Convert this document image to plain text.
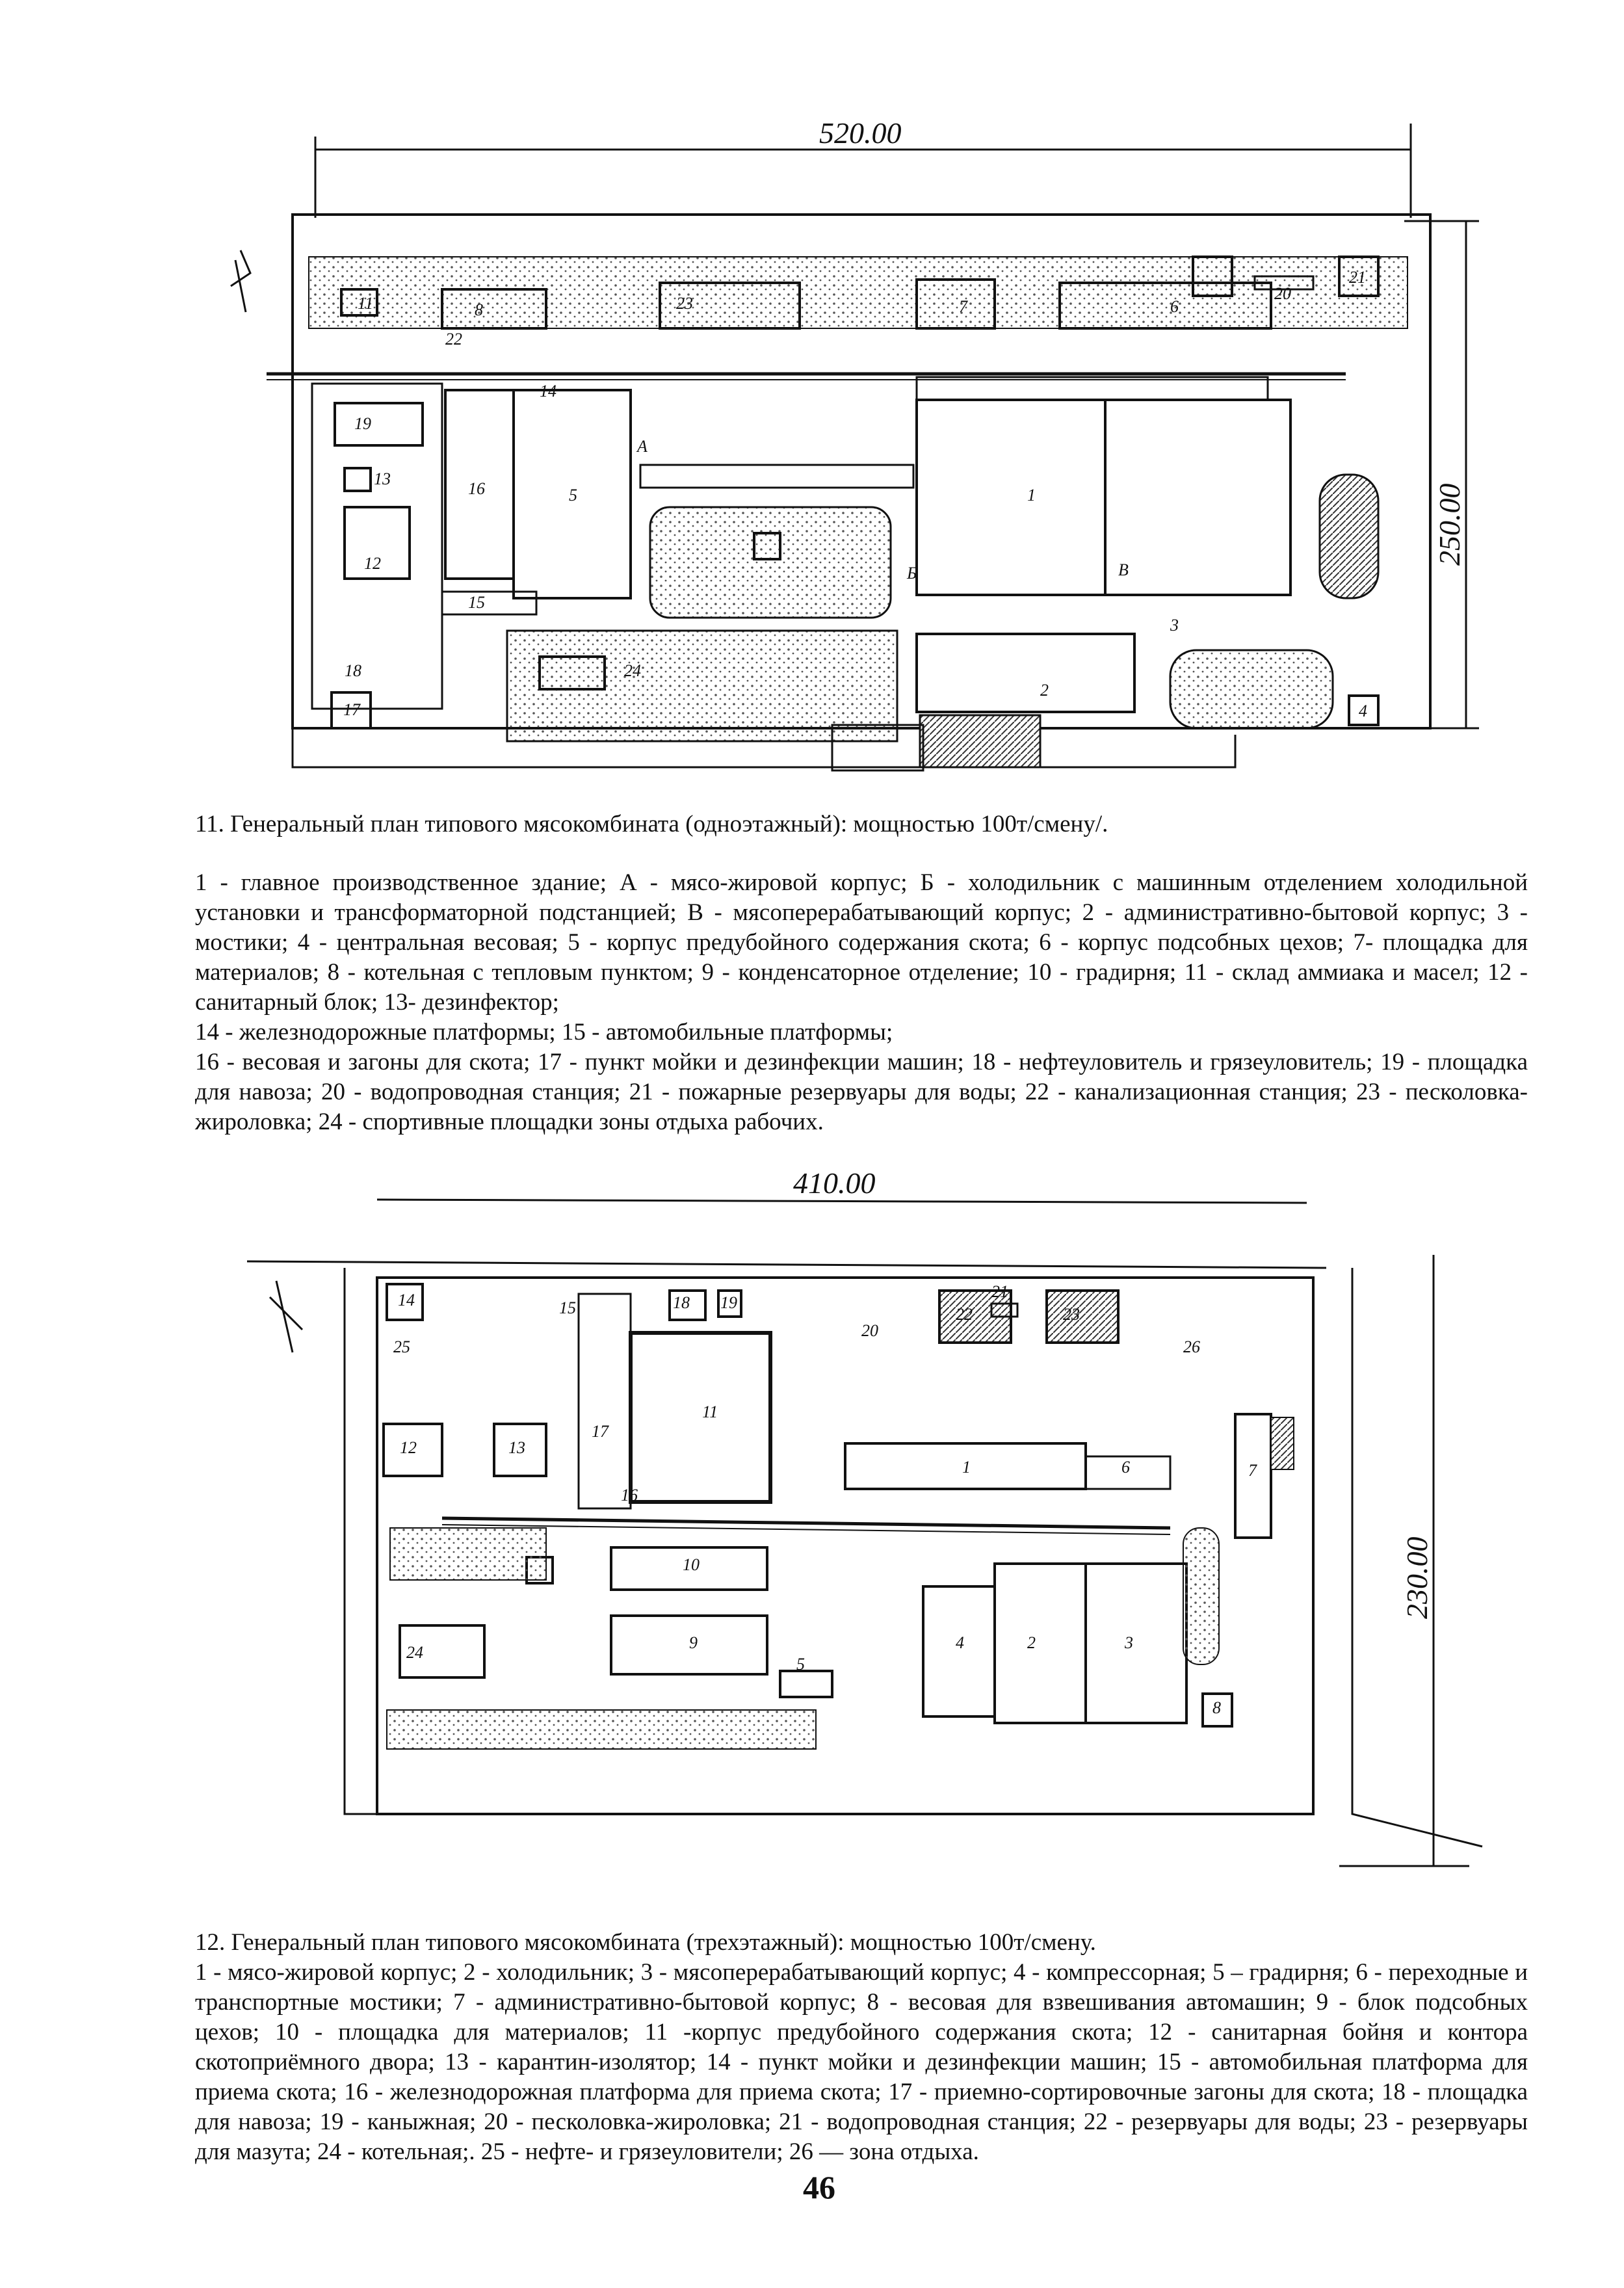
520.00
250.00
1
2
3
4
5
6
7
8
11
12
13
14
15
16
17
18
19
20
21
22
23
24
А
Б	В
11. Генеральный план типового мясокомбината (одноэтажный): мощностью 100т/смену/.
1 - главное производственное здание; А - мясо-жировой корпус; Б - холодильник с машинным отделением холодильной установки и трансформаторной подстанцией; В - мясоперерабатывающий корпус; 2 - административно-бытовой корпус; 3 - мостики; 4 - центральная весовая; 5 - корпус предубойного содержания скота; 6 - корпус подсобных цехов; 7- площадка для материалов; 8 - котельная с тепловым пунктом; 9 - конденсаторное отделение; 10 - градирня; 11 - склад аммиака и масел; 12 - санитарный блок; 13- дезинфектор;
14 - железнодорожные платформы; 15 - автомобильные платформы;
16 - весовая и загоны для скота; 17 - пункт мойки и дезинфекции машин; 18 - нефтеуловитель и грязеуловитель; 19 - площадка для навоза; 20 - водопроводная станция; 21 - пожарные резервуары для воды; 22 - канализационная станция; 23 - песколовка-жироловка; 24 - спортивные площадки зоны отдыха рабочих.
410.00
230.00
1
2	3
4
5
6	7
8
9
10
11
12	13
14	15
16
17
18 19
20
21
22	23
24
25	26
12. Генеральный план типового мясокомбината (трехэтажный): мощностью 100т/смену.
1 - мясо-жировой корпус; 2 - холодильник; 3 - мясоперерабатывающий корпус; 4 - компрессорная; 5 – градирня; 6 - переходные и транспортные мостики; 7 - административно-бытовой корпус; 8 - весовая для взвешивания автомашин; 9 - блок подсобных цехов; 10 - площадка для материалов; 11 -корпус предубойного содержания скота; 12 - санитарная бойня и контора скотоприёмного двора; 13 - карантин-изолятор; 14 - пункт мойки и дезинфекции машин; 15 - автомобильная платформа для приема скота; 16 - железнодорожная платформа для приема скота; 17 - приемно-сортировочные загоны для скота; 18 - площадка для навоза; 19 - каныжная; 20 - песколовка-жироловка; 21 - водопроводная станция; 22 - резервуары для воды; 23 - резервуары для мазута; 24 - котельная;. 25 - нефте- и грязеуловители; 26 — зона отдыха.
46
